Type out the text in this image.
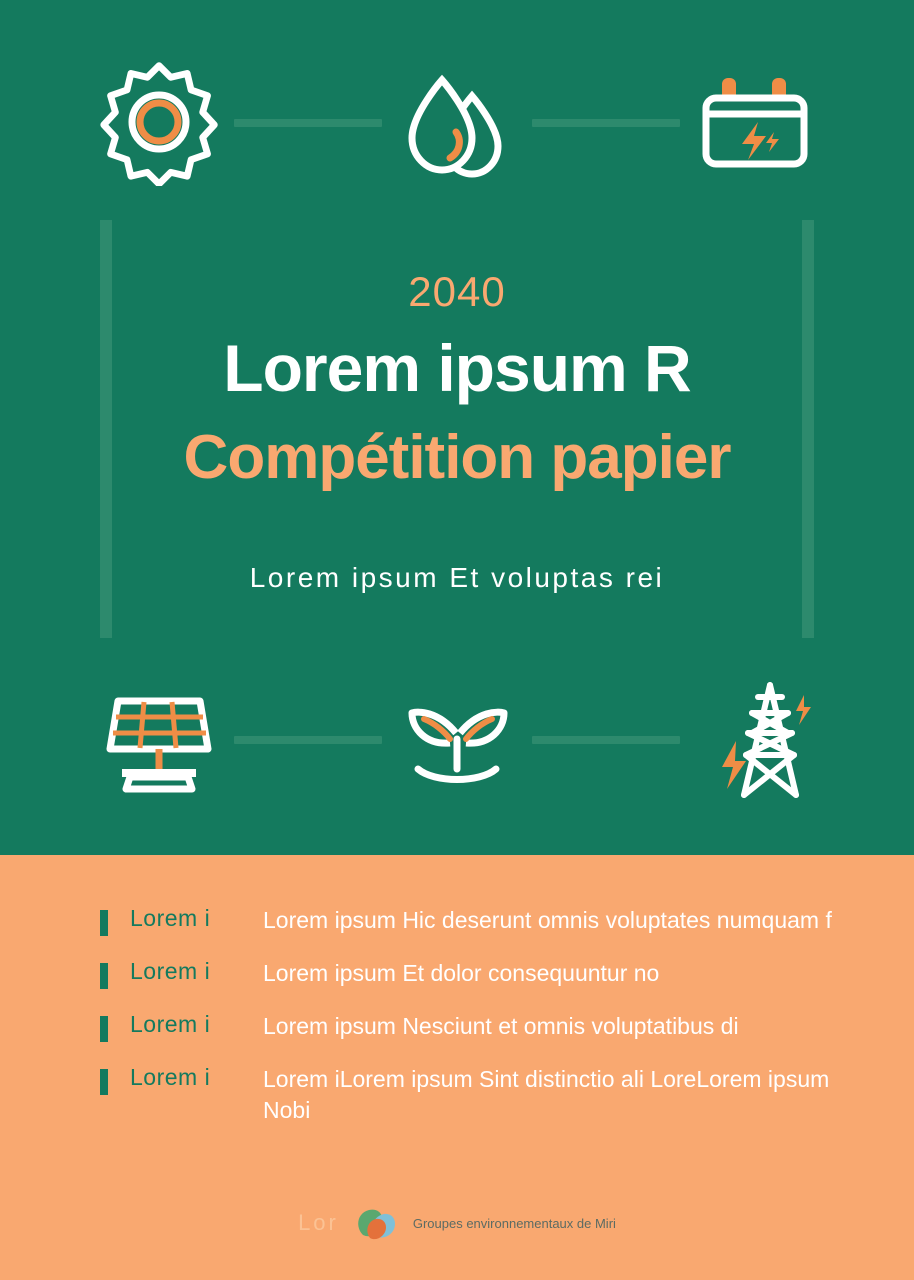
2040
Lorem ipsum R
Compétition papier
Lorem ipsum Et voluptas rei
Lorem i	Lorem ipsum Hic deserunt omnis voluptates numquam f
Lorem i	Lorem ipsum Et dolor consequuntur no
Lorem i	Lorem ipsum Nesciunt et omnis voluptatibus di
Lorem i	Lorem iLorem ipsum Sint distinctio ali LoreLorem ipsum Nobi
Lor	Groupes environnementaux de Miri
